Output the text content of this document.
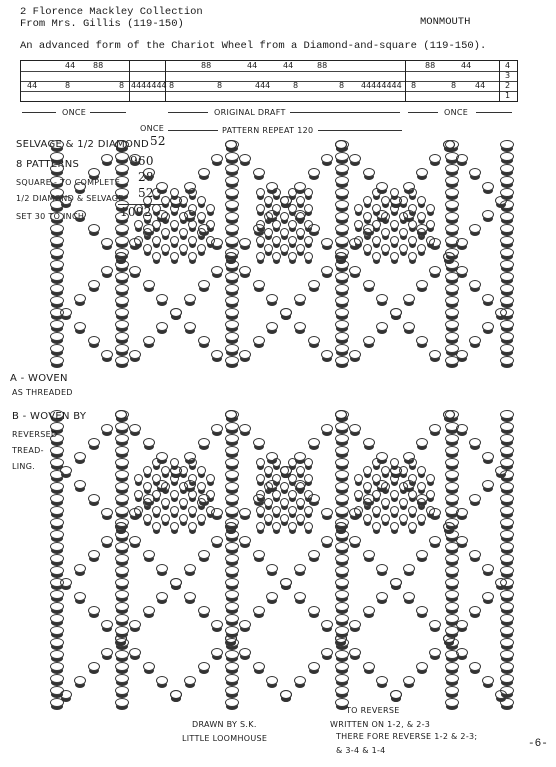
2 Florence Mackley Collection
From Mrs. Gillis (119-150)	MONMOUTH
An advanced form of the Chariot Wheel from a Diamond-and-square (119-150).
44 88	88	44	44	88	88	44
44	8	8 4444444 8	8	444	8	8 44444444 8	8 44
4
3
2
1
ONCE
ONCE
ORIGINAL DRAFT	ONCE
PATTERN REPEAT 120
SELVAGE & 1/2 DIAMOND 52
8 PATTERNS	960
SQUARE - TO COMPLETE 28
1/2 DIAMOND & SELVAGE 52
SET 30 TO INCH	1092
A - WOVEN
AS THREADED
B - WOVEN BY
REVERSED
TREAD-
LING.
DRAWN BY S.K.
LITTLE LOOMHOUSE
TO REVERSE
WRITTEN ON 1-2, & 2-3
THERE FORE REVERSE 1-2 & 2-3;
& 3-4 & 1-4
-6-
